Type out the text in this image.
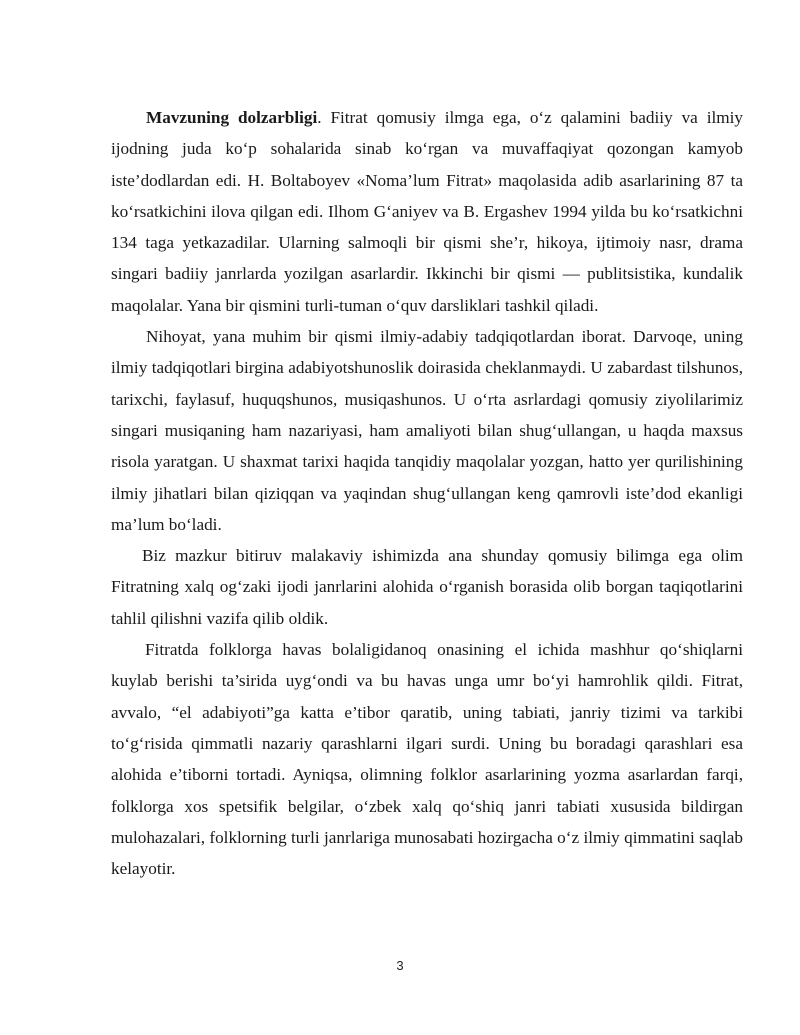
Mavzuning dolzarbligi. Fitrat qomusiy ilmga ega, o‘z qalamini badiiy va ilmiy ijodning juda ko‘p sohalarida sinab ko‘rgan va muvaffaqiyat qozongan kamyob iste’dodlardan edi. H. Boltaboyev «Noma’lum Fitrat» maqolasida adib asarlarining 87 ta ko‘rsatkichini ilova qilgan edi. Ilhom G‘aniyev va B. Ergashev 1994 yilda bu ko‘rsatkichni 134 taga yetkazadilar. Ularning salmoqli bir qismi she’r, hikoya, ijtimoiy nasr, drama singari badiiy janrlarda yozilgan asarlardir. Ikkinchi bir qismi — publitsistika, kundalik maqolalar. Yana bir qismini turli-tuman o‘quv darsliklari tashkil qiladi.

Nihoyat, yana muhim bir qismi ilmiy-adabiy tadqiqotlardan iborat. Darvoqe, uning ilmiy tadqiqotlari birgina adabiyotshunoslik doirasida cheklanmaydi. U zabardast tilshunos, tarixchi, faylasuf, huquqshunos, musiqashunos. U o‘rta asrlardagi qomusiy ziyolilarimiz singari musiqaning ham nazariyasi, ham amaliyoti bilan shug‘ullangan, u haqda maxsus risola yaratgan. U shaxmat tarixi haqida tanqidiy maqolalar yozgan, hatto yer qurilishining ilmiy jihatlari bilan qiziqqan va yaqindan shug‘ullangan keng qamrovli iste’dod ekanligi ma’lum bo‘ladi.

Biz mazkur bitiruv malakaviy ishimizda ana shunday qomusiy bilimga ega olim Fitratning xalq og‘zaki ijodi janrlarini alohida o‘rganish borasida olib borgan taqiqotlarini tahlil qilishni vazifa qilib oldik.

Fitratda folklorga havas bolaligidanoq onasining el ichida mashhur qo‘shiqlarni kuylab berishi ta’sirida uyg‘ondi va bu havas unga umr bo‘yi hamrohlik qildi. Fitrat, avvalo, “el adabiyoti”ga katta e’tibor qaratib, uning tabiati, janriy tizimi va tarkibi to‘g‘risida qimmatli nazariy qarashlarni ilgari surdi. Uning bu boradagi qarashlari esa alohida e’tiborni tortadi. Ayniqsa, olimning folklor asarlarining yozma asarlardan farqi, folklorga xos spetsifik belgilar, o‘zbek xalq qo‘shiq janri tabiati xususida bildirgan mulohazalari, folklorning turli janrlariga munosabati hozirgacha o‘z ilmiy qimmatini saqlab kelayotir.

3
